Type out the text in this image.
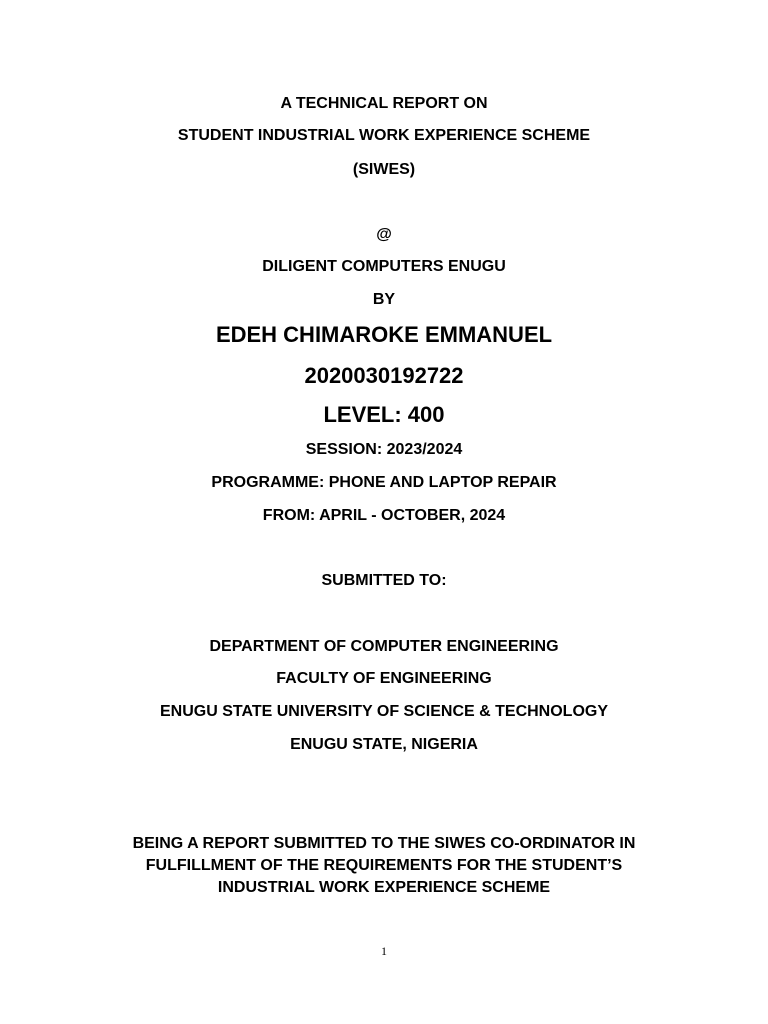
A TECHNICAL REPORT ON
STUDENT INDUSTRIAL WORK EXPERIENCE SCHEME
(SIWES)
@
DILIGENT COMPUTERS ENUGU
BY
EDEH CHIMAROKE EMMANUEL
2020030192722
LEVEL: 400
SESSION: 2023/2024
PROGRAMME: PHONE AND LAPTOP REPAIR
FROM: APRIL - OCTOBER, 2024
SUBMITTED TO:
DEPARTMENT OF COMPUTER ENGINEERING
FACULTY OF ENGINEERING
ENUGU STATE UNIVERSITY OF SCIENCE & TECHNOLOGY
ENUGU STATE, NIGERIA
BEING A REPORT SUBMITTED TO THE SIWES CO-ORDINATOR IN
FULFILLMENT OF THE REQUIREMENTS FOR THE STUDENT’S
INDUSTRIAL WORK EXPERIENCE SCHEME
1
